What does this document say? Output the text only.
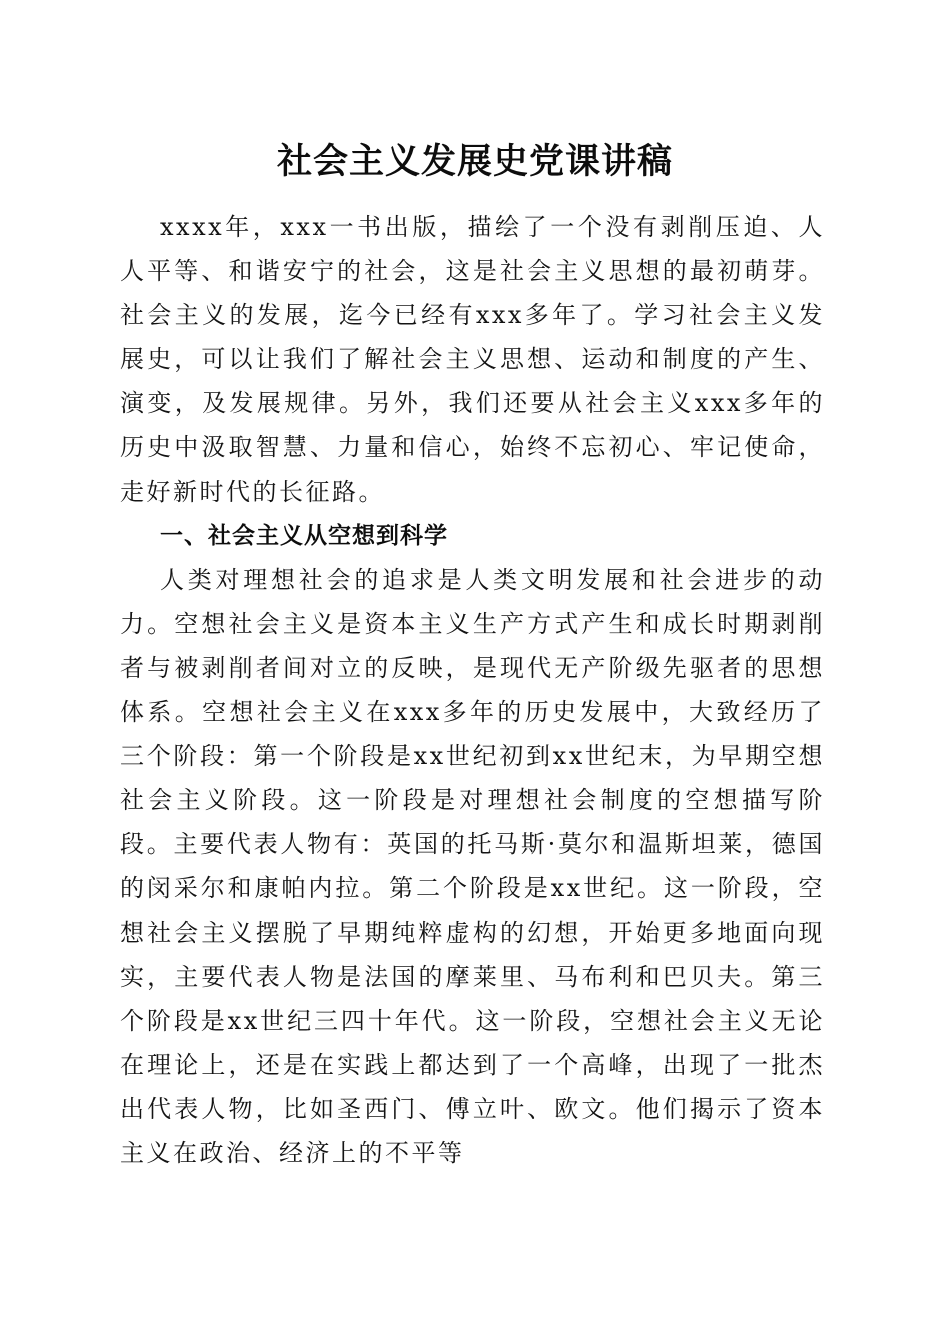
社会主义发展史党课讲稿

xxxx年，xxx一书出版，描绘了一个没有剥削压迫、人人平等、和谐安宁的社会，这是社会主义思想的最初萌芽。社会主义的发展，迄今已经有xxx多年了。学习社会主义发展史，可以让我们了解社会主义思想、运动和制度的产生、演变，及发展规律。另外，我们还要从社会主义xxx多年的历史中汲取智慧、力量和信心，始终不忘初心、牢记使命，走好新时代的长征路。

一、社会主义从空想到科学

人类对理想社会的追求是人类文明发展和社会进步的动力。空想社会主义是资本主义生产方式产生和成长时期剥削者与被剥削者间对立的反映，是现代无产阶级先驱者的思想体系。空想社会主义在xxx多年的历史发展中，大致经历了三个阶段：第一个阶段是xx世纪初到xx世纪末，为早期空想社会主义阶段。这一阶段是对理想社会制度的空想描写阶段。主要代表人物有：英国的托马斯·莫尔和温斯坦莱，德国的闵采尔和康帕内拉。第二个阶段是xx世纪。这一阶段，空想社会主义摆脱了早期纯粹虚构的幻想，开始更多地面向现实，主要代表人物是法国的摩莱里、马布利和巴贝夫。第三个阶段是xx世纪三四十年代。这一阶段，空想社会主义无论在理论上，还是在实践上都达到了一个高峰，出现了一批杰出代表人物，比如圣西门、傅立叶、欧文。他们揭示了资本主义在政治、经济上的不平等
